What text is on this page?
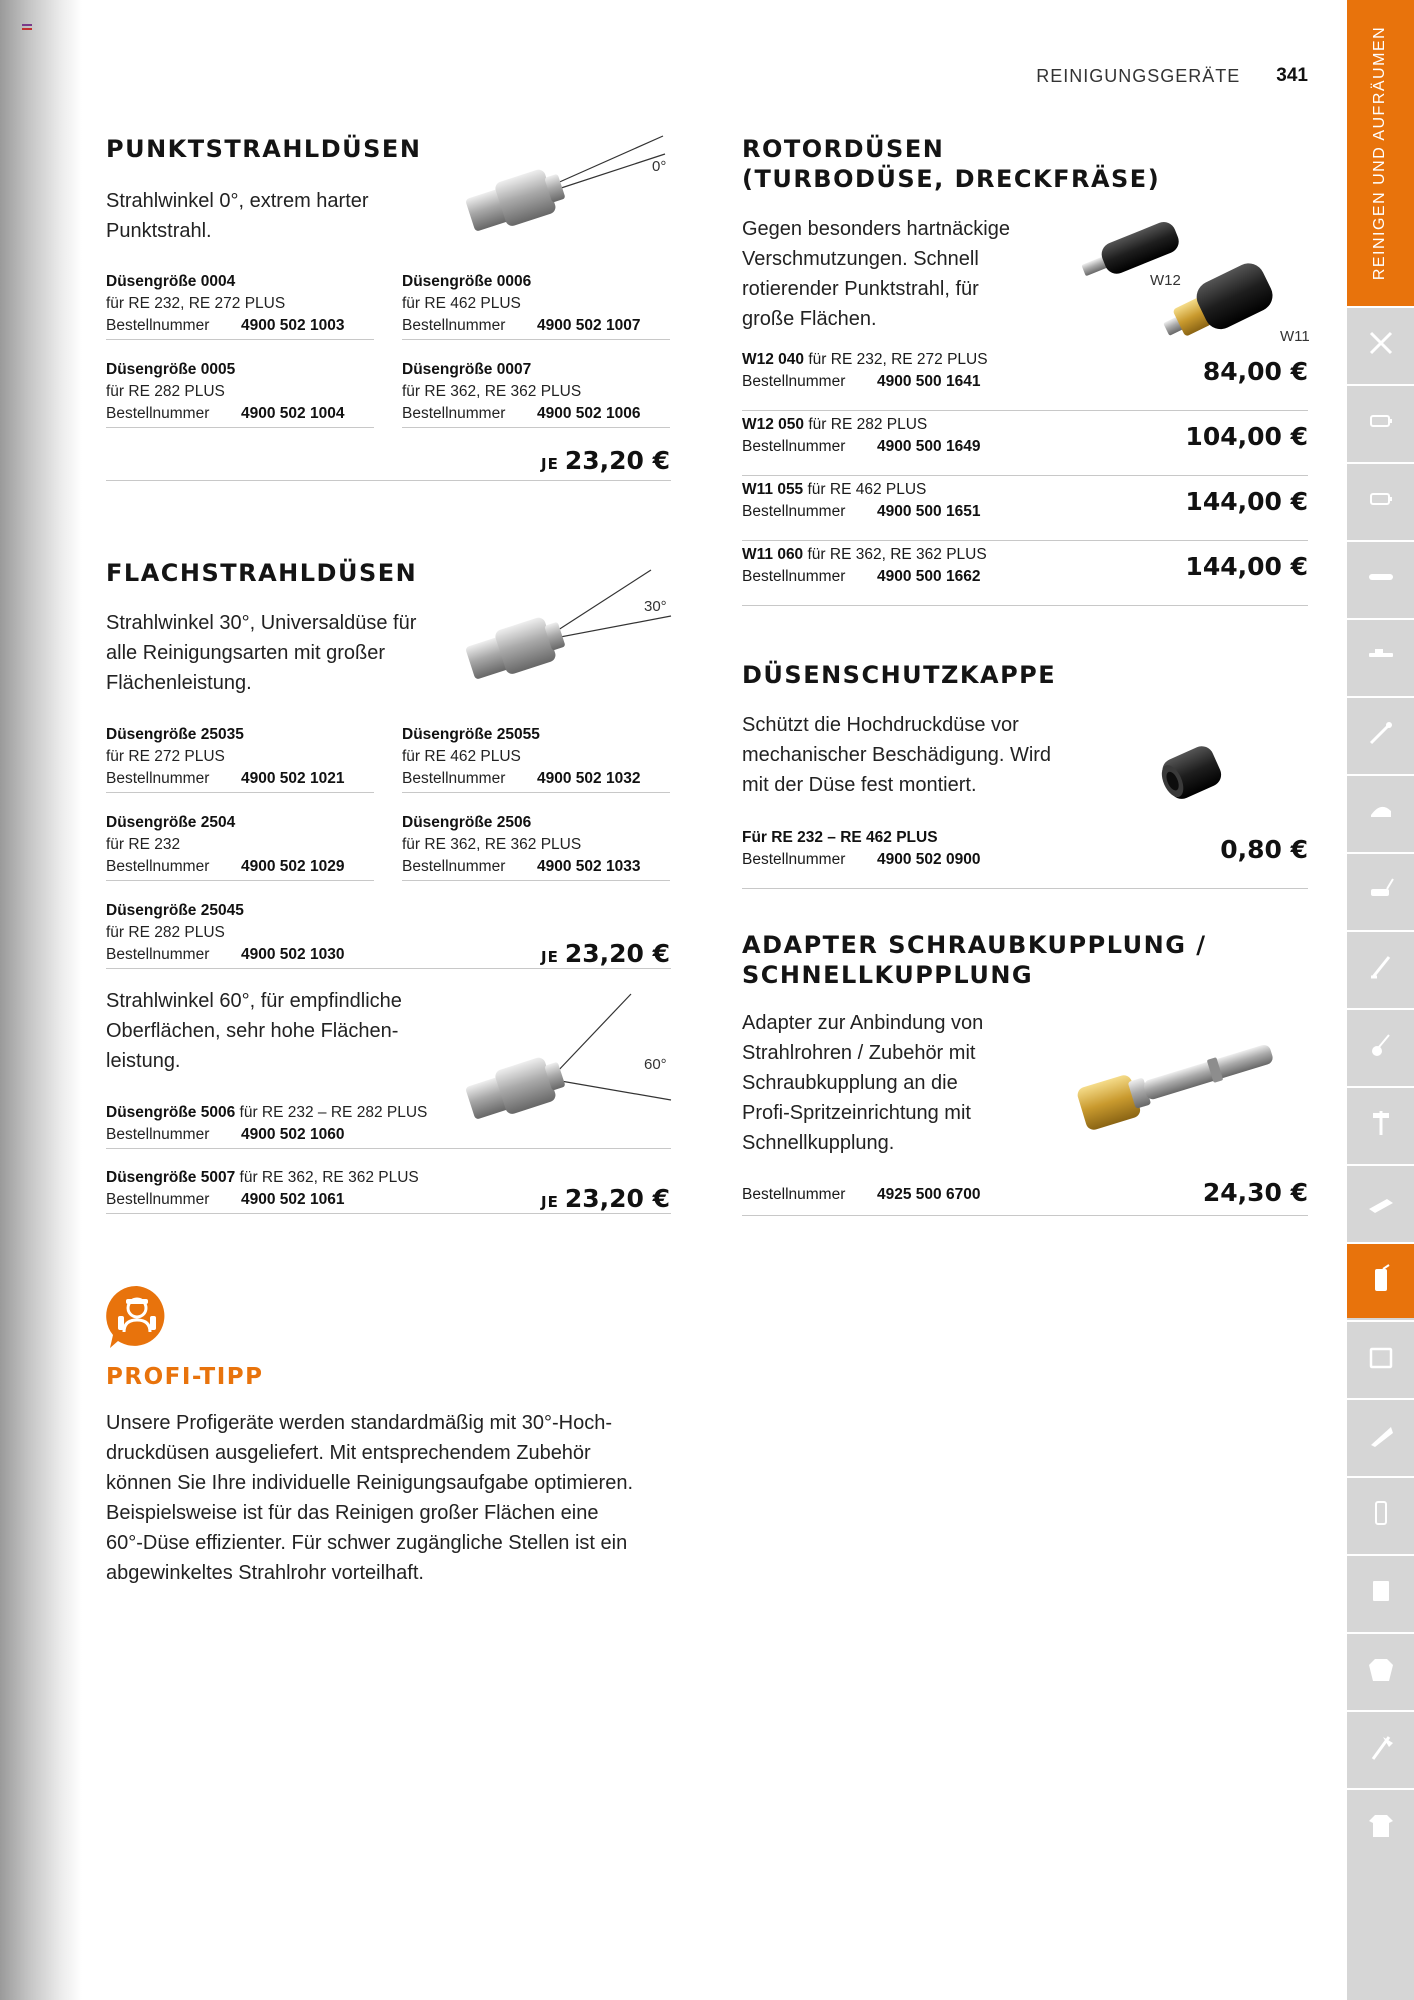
REINIGUNGSGERÄTE 341
PUNKTSTRAHLDÜSEN
Strahlwinkel 0°, extrem harter
Punktstrahl.
0°
Düsengröße 0004
für RE 232, RE 272 PLUS
Bestellnummer	4900 502 1003
Düsengröße 0006
für RE 462 PLUS
Bestellnummer	4900 502 1007
Düsengröße 0005
für RE 282 PLUS
Bestellnummer	4900 502 1004
Düsengröße 0007
für RE 362, RE 362 PLUS
Bestellnummer	4900 502 1006
JE 23,20 €
FLACHSTRAHLDÜSEN
Strahlwinkel 30°, Universaldüse für
alle Reinigungsarten mit großer
Flächenleistung.
30°
Düsengröße 25035
für RE 272 PLUS
Bestellnummer	4900 502 1021
Düsengröße 25055
für RE 462 PLUS
Bestellnummer	4900 502 1032
Düsengröße 2504
für RE 232
Bestellnummer	4900 502 1029
Düsengröße 2506
für RE 362, RE 362 PLUS
Bestellnummer	4900 502 1033
Düsengröße 25045
für RE 282 PLUS
Bestellnummer	4900 502 1030	JE 23,20 €
Strahlwinkel 60°, für empfindliche
Oberflächen, sehr hohe Flächen-
leistung.	60°
Düsengröße 5006 für RE 232 – RE 282 PLUS
Bestellnummer	4900 502 1060
Düsengröße 5007 für RE 362, RE 362 PLUS
Bestellnummer	4900 502 1061	JE 23,20 €
ROTORDÜSEN
(TURBODÜSE, DRECKFRÄSE)
Gegen besonders hartnäckige
Verschmutzungen. Schnell
rotierender Punktstrahl, für
große Flächen.
W12
W11
W12 040 für RE 232, RE 272 PLUS
Bestellnummer	4900 500 1641	84,00 €
W12 050 für RE 282 PLUS
Bestellnummer	4900 500 1649	104,00 €
W11 055 für RE 462 PLUS
Bestellnummer	4900 500 1651	144,00 €
W11 060 für RE 362, RE 362 PLUS
Bestellnummer	4900 500 1662	144,00 €
DÜSENSCHUTZKAPPE
Schützt die Hochdruckdüse vor
mechanischer Beschädigung. Wird
mit der Düse fest montiert.
Für RE 232 – RE 462 PLUS
Bestellnummer	4900 502 0900	0,80 €
ADAPTER SCHRAUBKUPPLUNG /
SCHNELLKUPPLUNG
Adapter zur Anbindung von
Strahlrohren / Zubehör mit
Schraubkupplung an die
Profi-Spritzeinrichtung mit
Schnellkupplung.
Bestellnummer	4925 500 6700	24,30 €
PROFI-TIPP
Unsere Profigeräte werden standardmäßig mit 30°-Hoch-
druckdüsen ausgeliefert. Mit entsprechendem Zubehör
können Sie Ihre individuelle Reinigungsaufgabe optimieren.
Beispielsweise ist für das Reinigen großer Flächen eine
60°-Düse effizienter. Für schwer zugängliche Stellen ist ein
abgewinkeltes Strahlrohr vorteilhaft.
REINIGEN UND AUFRÄUMEN
